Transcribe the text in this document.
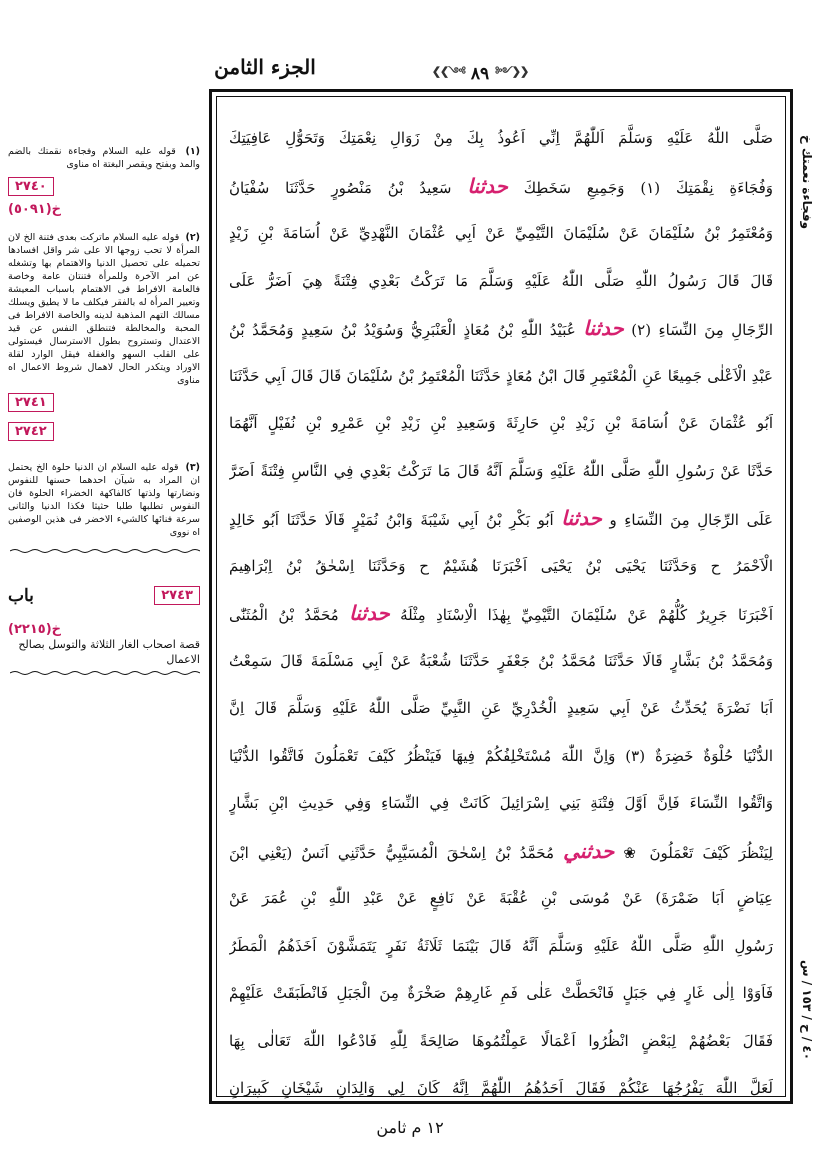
الجزء الثامن	❮❮༺ ٨٩ ༻❯❯
صَلَّى اللّٰهُ عَلَيْهِ وَسَلَّمَ اَللّٰهُمَّ اِنِّي اَعُوذُ بِكَ مِنْ زَوَالِ نِعْمَتِكَ وَتَحَوُّلِ عَافِيَتِكَ
وَفُجَاءَةِ نِقْمَتِكَ (١) وَجَمِيعِ سَخَطِكَ حدثنا سَعِيدُ بْنُ مَنْصُورٍ حَدَّثَنَا سُفْيَانُ
وَمُعْتَمِرُ بْنُ سُلَيْمَانَ عَنْ سُلَيْمَانَ التَّيْمِيِّ عَنْ اَبِي عُثْمَانَ النَّهْدِيِّ عَنْ اُسَامَةَ بْنِ زَيْدٍ
قَالَ قَالَ رَسُولُ اللّٰهِ صَلَّى اللّٰهُ عَلَيْهِ وَسَلَّمَ مَا تَرَكْتُ بَعْدِي فِتْنَةً هِيَ اَضَرُّ عَلَى
الرِّجَالِ مِنَ النِّسَاءِ (٢) حدثنا عُبَيْدُ اللّٰهِ بْنُ مُعَاذٍ الْعَنْبَرِيُّ وَسُوَيْدُ بْنُ سَعِيدٍ وَمُحَمَّدُ بْنُ
عَبْدِ الْاَعْلٰى جَمِيعًا عَنِ الْمُعْتَمِرِ قَالَ ابْنُ مُعَاذٍ حَدَّثَنَا الْمُعْتَمِرُ بْنُ سُلَيْمَانَ قَالَ قَالَ اَبِي حَدَّثَنَا
اَبُو عُثْمَانَ عَنْ اُسَامَةَ بْنِ زَيْدِ بْنِ حَارِثَةَ وَسَعِيدِ بْنِ زَيْدِ بْنِ عَمْرِو بْنِ نُفَيْلٍ اَنَّهُمَا
حَدَّثَا عَنْ رَسُولِ اللّٰهِ صَلَّى اللّٰهُ عَلَيْهِ وَسَلَّمَ اَنَّهُ قَالَ مَا تَرَكْتُ بَعْدِي فِي النَّاسِ فِتْنَةً اَضَرَّ
عَلَى الرِّجَالِ مِنَ النِّسَاءِ و حدثنا اَبُو بَكْرِ بْنُ اَبِي شَيْبَةَ وَابْنُ نُمَيْرٍ قَالَا حَدَّثَنَا اَبُو خَالِدٍ
الْاَحْمَرُ ح وَحَدَّثَنَا يَحْيَى بْنُ يَحْيَى اَخْبَرَنَا هُشَيْمٌ ح وَحَدَّثَنَا اِسْحٰقُ بْنُ اِبْرَاهِيمَ
اَخْبَرَنَا جَرِيرٌ كُلُّهُمْ عَنْ سُلَيْمَانَ التَّيْمِيِّ بِهٰذَا الْاِسْنَادِ مِثْلَهُ حدثنا مُحَمَّدُ بْنُ الْمُثَنّٰى
وَمُحَمَّدُ بْنُ بَشَّارٍ قَالَا حَدَّثَنَا مُحَمَّدُ بْنُ جَعْفَرٍ حَدَّثَنَا شُعْبَةُ عَنْ اَبِي مَسْلَمَةَ قَالَ سَمِعْتُ
اَبَا نَضْرَةَ يُحَدِّثُ عَنْ اَبِي سَعِيدٍ الْخُدْرِيِّ عَنِ النَّبِيِّ صَلَّى اللّٰهُ عَلَيْهِ وَسَلَّمَ قَالَ اِنَّ
الدُّنْيَا حُلْوَةٌ خَضِرَةٌ (٣) وَاِنَّ اللّٰهَ مُسْتَخْلِفُكُمْ فِيهَا فَيَنْظُرُ كَيْفَ تَعْمَلُونَ فَاتَّقُوا الدُّنْيَا
وَاتَّقُوا النِّسَاءَ فَاِنَّ اَوَّلَ فِتْنَةِ بَنِي اِسْرَائِيلَ كَانَتْ فِي النِّسَاءِ وَفِي حَدِيثِ ابْنِ بَشَّارٍ
لِيَنْظُرَ كَيْفَ تَعْمَلُونَ ❀ حدثني مُحَمَّدُ بْنُ اِسْحٰقَ الْمُسَيَّبِيُّ حَدَّثَنِي اَنَسٌ (يَعْنِي ابْنَ
عِيَاضٍ اَبَا ضَمْرَةَ) عَنْ مُوسَى بْنِ عُقْبَةَ عَنْ نَافِعٍ عَنْ عَبْدِ اللّٰهِ بْنِ عُمَرَ عَنْ
رَسُولِ اللّٰهِ صَلَّى اللّٰهُ عَلَيْهِ وَسَلَّمَ اَنَّهُ قَالَ بَيْنَمَا ثَلَاثَةُ نَفَرٍ يَتَمَشَّوْنَ اَخَذَهُمُ الْمَطَرُ
فَاَوَوْا اِلٰى غَارٍ فِي جَبَلٍ فَانْحَطَّتْ عَلٰى فَمِ غَارِهِمْ صَخْرَةٌ مِنَ الْجَبَلِ فَانْطَبَقَتْ عَلَيْهِمْ
فَقَالَ بَعْضُهُمْ لِبَعْضٍ انْظُرُوا اَعْمَالًا عَمِلْتُمُوهَا صَالِحَةً لِلّٰهِ فَادْعُوا اللّٰهَ تَعَالٰى بِهَا
لَعَلَّ اللّٰهَ يَفْرُجُهَا عَنْكُمْ فَقَالَ اَحَدُهُمُ اللّٰهُمَّ اِنَّهُ كَانَ لِي وَالِدَانِ شَيْخَانِ كَبِيرَانِ
(١) قوله عليه السلام وفجاءة نقمتك بالضم والمد وبفتح ويقصر البغتة اه مناوى
٢٧٤٠
خ(٥٠٩١)
(٢) قوله عليه السلام ماتركت بعدى فتنة الخ لان المرأة لا تحب زوجها الا على شر واقل افسادها تحميله على تحصيل الدنيا والاهتمام بها وتشغله عن امر الآخرة وللمرأة فتنتان عامة وخاصة فالعامة الافراط فى الاهتمام باسباب المعيشة وتعيير المرأة له بالفقر فيكلف ما لا يطيق ويسلك مسالك التهم المذهبة لدينه والخاصة الافراط فى المحبة والمخالطة فتنطلق النفس عن قيد الاعتدال وتستروح بطول الاسترسال فيستولى على القلب السهو والغفلة فيقل الوارد لقلة الاوراد ويتكدر الحال لاهمال شروط الاعمال اه مناوى
٢٧٤١
٢٧٤٢
(٣) قوله عليه السلام ان الدنيا حلوة الخ يحتمل ان المراد به شيآن احدهما حسنها للنفوس ونضارتها ولذتها كالفاكهة الخضراء الحلوة فان النفوس تطلبها طلبا حثيثا فكذا الدنيا والثانى سرعة فنائها كالشيء الاخضر فى هذين الوصفين اه نووى
٢٧٤٣
باب
خ(٢٢١٥)
قصة اصحاب الغار الثلاثة والتوسل بصالح الاعمال
وفجاءة نعمتك خ
٤٠ / ح / ١٥٣ / س
١٢ م ثامن
